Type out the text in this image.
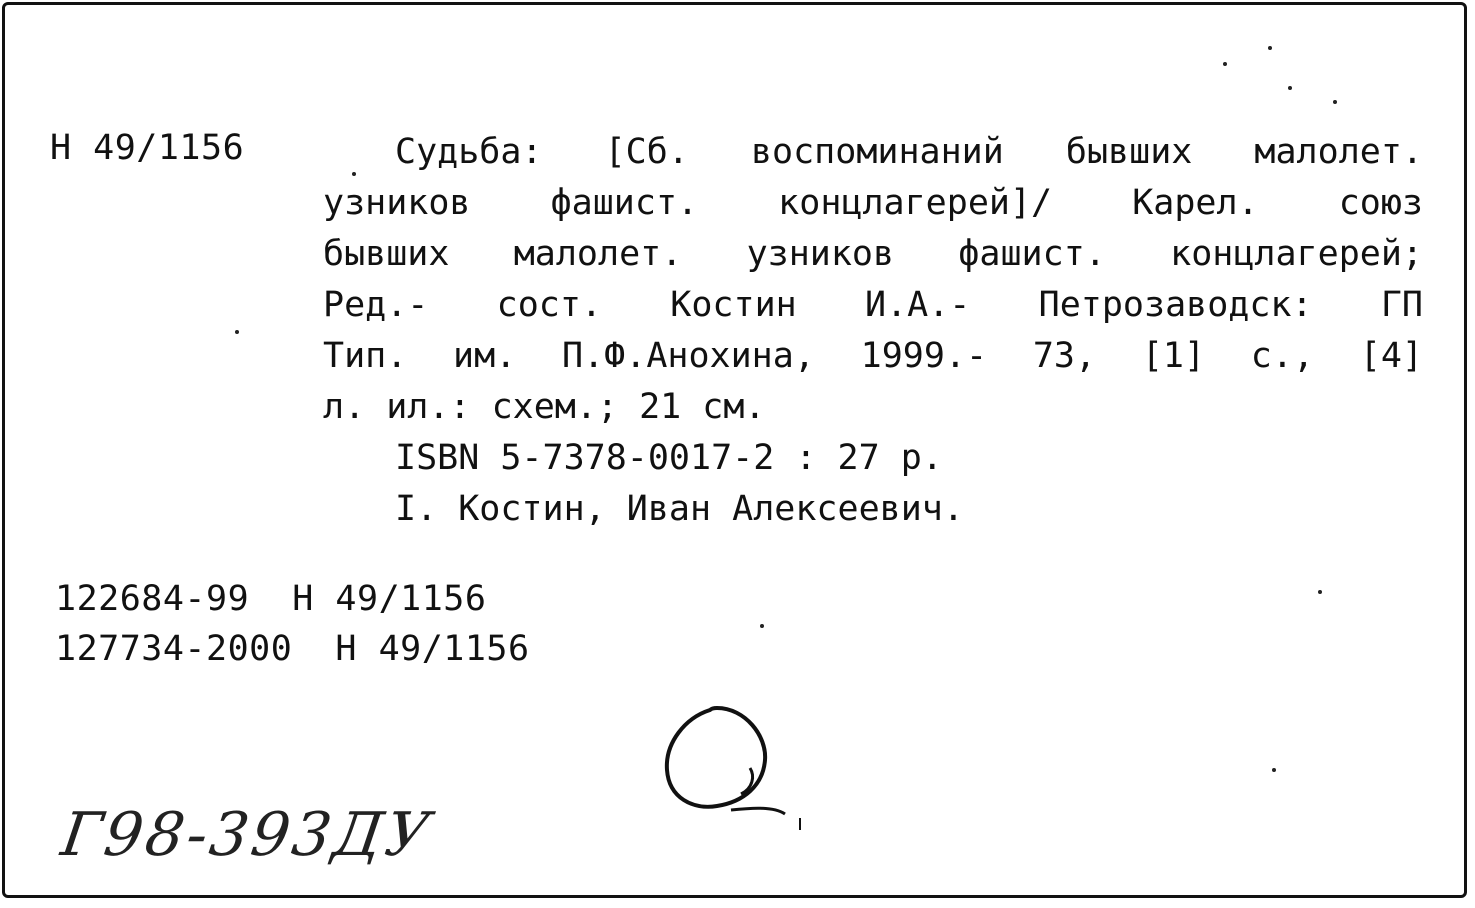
Н 49/1156	Судьба: [Сб. воспоминаний бывших малолет.
узников фашист. концлагерей]/ Карел. союз
бывших малолет. узников фашист. концлагерей;
Ред.- сост. Костин И.А.- Петрозаводск: ГП
Тип. им. П.Ф.Анохина, 1999.- 73, [1] с., [4]
л. ил.: схем.; 21 см.
ISBN 5-7378-0017-2 : 27 р.
I. Костин, Иван Алексеевич.
122684-99  Н 49/1156
127734-2000  Н 49/1156
Г98-393ДУ
